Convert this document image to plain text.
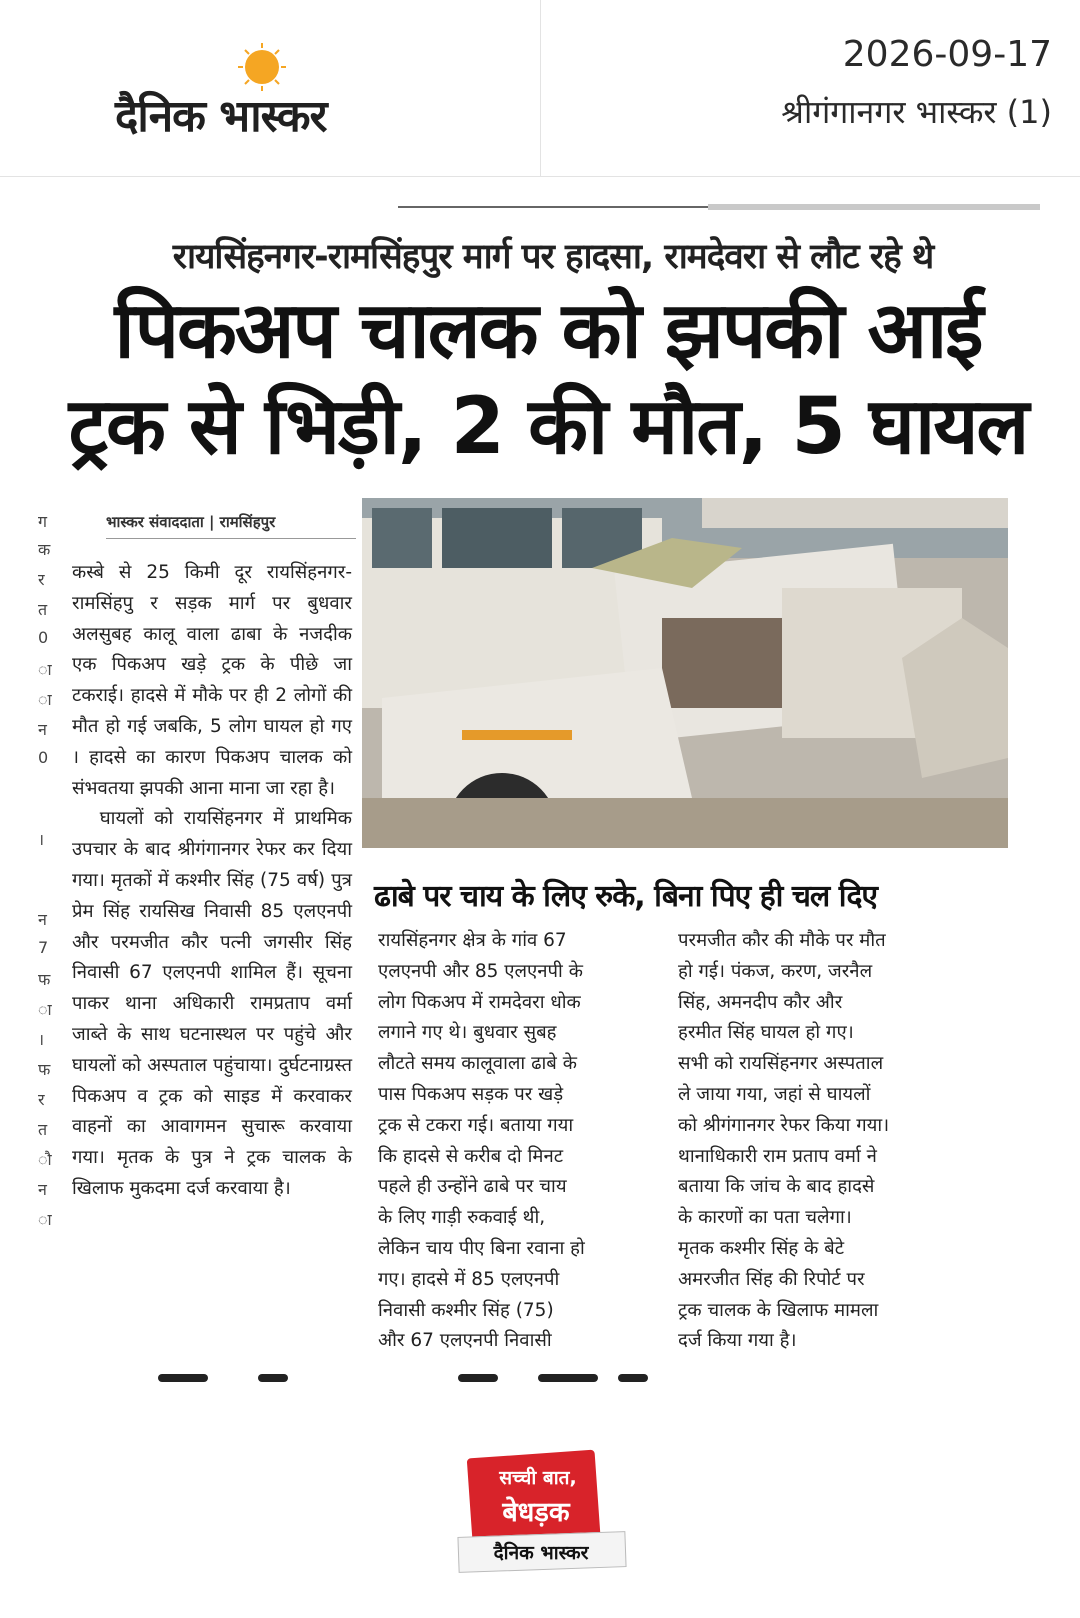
दैनिक भास्कर
2026-09-17
श्रीगंगानगर भास्कर (1)
रायसिंहनगर-रामसिंहपुर मार्ग पर हादसा, रामदेवरा से लौट रहे थे
पिकअप चालक को झपकी आई
ट्रक से भिड़ी, 2 की मौत, 5 घायल
भास्कर संवाददाता | रामसिंहपुर

कस्बे से 25 किमी दूर रायसिंहनगर-रामसिंहपु र सड़क मार्ग पर बुधवार अलसुबह कालू वाला ढाबा के नजदीक एक पिकअप खड़े ट्रक के पीछे जा टकराई। हादसे में मौके पर ही 2 लोगों की मौत हो गई जबकि, 5 लोग घायल हो गए । हादसे का कारण पिकअप चालक को संभवतया झपकी आना माना जा रहा है।

घायलों को रायसिंहनगर में प्राथमिक उपचार के बाद श्रीगंगानगर रेफर कर दिया गया। मृतकों में कश्मीर सिंह (75 वर्ष) पुत्र प्रेम सिंह रायसिख निवासी 85 एलएनपी और परमजीत कौर पत्नी जगसीर सिंह निवासी 67 एलएनपी शामिल हैं। सूचना पाकर थाना अधिकारी रामप्रताप वर्मा जाब्ते के साथ घटनास्थल पर पहुंचे और घायलों को अस्पताल पहुंचाया। दुर्घटनाग्रस्त पिकअप व ट्रक को साइड में करवाकर वाहनों का आवागमन सुचारू करवाया गया। मृतक के पुत्र ने ट्रक चालक के खिलाफ मुकदमा दर्ज करवाया है।

ढाबे पर चाय के लिए रुके, बिना पिए ही चल दिए

रायसिंहनगर क्षेत्र के गांव 67

एलएनपी और 85 एलएनपी के

लोग पिकअप में रामदेवरा धोक

लगाने गए थे। बुधवार सुबह

लौटते समय कालूवाला ढाबे के

पास पिकअप सड़क पर खड़े

ट्रक से टकरा गई। बताया गया

कि हादसे से करीब दो मिनट

पहले ही उन्होंने ढाबे पर चाय

के लिए गाड़ी रुकवाई थी,

लेकिन चाय पीए बिना रवाना हो

गए। हादसे में 85 एलएनपी

निवासी कश्मीर सिंह (75)

और 67 एलएनपी निवासी

परमजीत कौर की मौके पर मौत

हो गई। पंकज, करण, जरनैल

सिंह, अमनदीप कौर और

हरमीत सिंह घायल हो गए।

सभी को रायसिंहनगर अस्पताल

ले जाया गया, जहां से घायलों

को श्रीगंगानगर रेफर किया गया।

थानाधिकारी राम प्रताप वर्मा ने

बताया कि जांच के बाद हादसे

के कारणों का पता चलेगा।

मृतक कश्मीर सिंह के बेटे

अमरजीत सिंह की रिपोर्ट पर

ट्रक चालक के खिलाफ मामला

दर्ज किया गया है।

ग
क
र
त
0
ा
ा
न
0
।
न
7
फ
ा
।
फ
र
त
ौ
न
ा
सच्ची बात,
बेधड़क
दैनिक भास्कर
